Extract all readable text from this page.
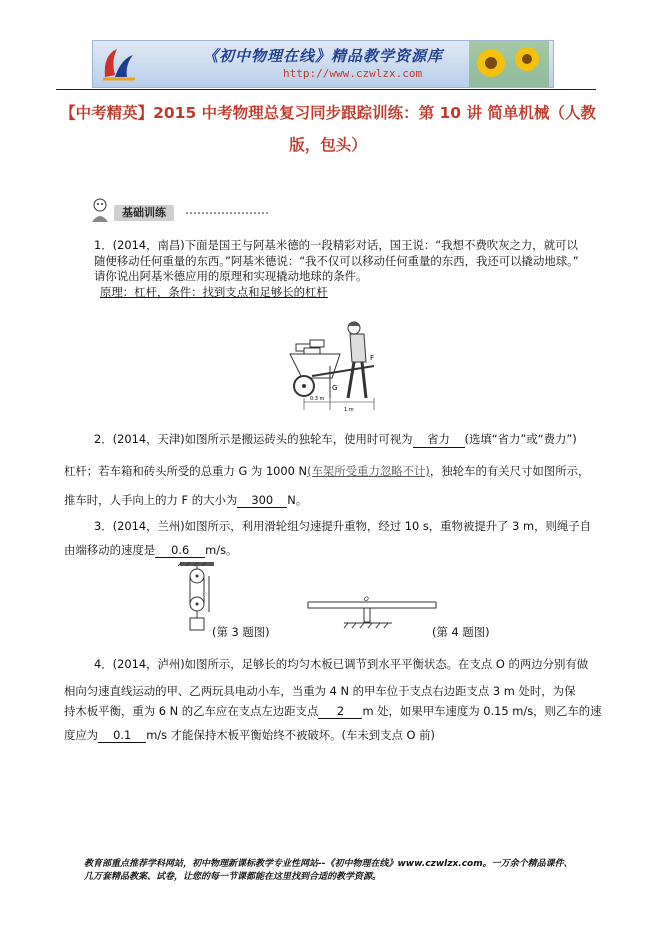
《初中物理在线》精品教学资源库
http://www.czwlzx.com
【中考精英】2015 中考物理总复习同步跟踪训练：第 10 讲 简单机械（人教
版，包头）
基础训练
1．(2014，南昌)下面是国王与阿基米德的一段精彩对话，国王说：“我想不费吹灰之力，就可以
随便移动任何重量的东西。”阿基米德说：“我不仅可以移动任何重量的东西，我还可以撬动地球。”
请你说出阿基米德应用的原理和实现撬动地球的条件。
原理：杠杆，条件：找到支点和足够长的杠杆
G
F
0.3 m
1 m
2．(2014，天津)如图所示是搬运砖头的独轮车，使用时可视为 省力 (选填“省力”或“费力”)
杠杆；若车箱和砖头所受的总重力 G 为 1000 N(车架所受重力忽略不计)，独轮车的有关尺寸如图所示，
推车时，人手向上的力 F 的大小为 300 N。
3．(2014，兰州)如图所示，利用滑轮组匀速提升重物，经过 10 s，重物被提升了 3 m，则绳子自
由端移动的速度是 0.6 m/s。
(第 3 题图)
O
(第 4 题图)
4．(2014，泸州)如图所示，足够长的均匀木板已调节到水平平衡状态。在支点 O 的两边分别有做
相向匀速直线运动的甲、乙两玩具电动小车，当重为 4 N 的甲车位于支点右边距支点 3 m 处时，为保
持木板平衡，重为 6 N 的乙车应在支点左边距支点 2 m 处，如果甲车速度为 0.15 m/s，则乙车的速
度应为 0.1 m/s 才能保持木板平衡始终不被破坏。(车未到支点 O 前)
教育部重点推荐学科网站，初中物理新课标教学专业性网站--《初中物理在线》www.czwlzx.com。一万余个精品课件、
几万套精品教案、试卷，让您的每一节课都能在这里找到合适的教学资源。
